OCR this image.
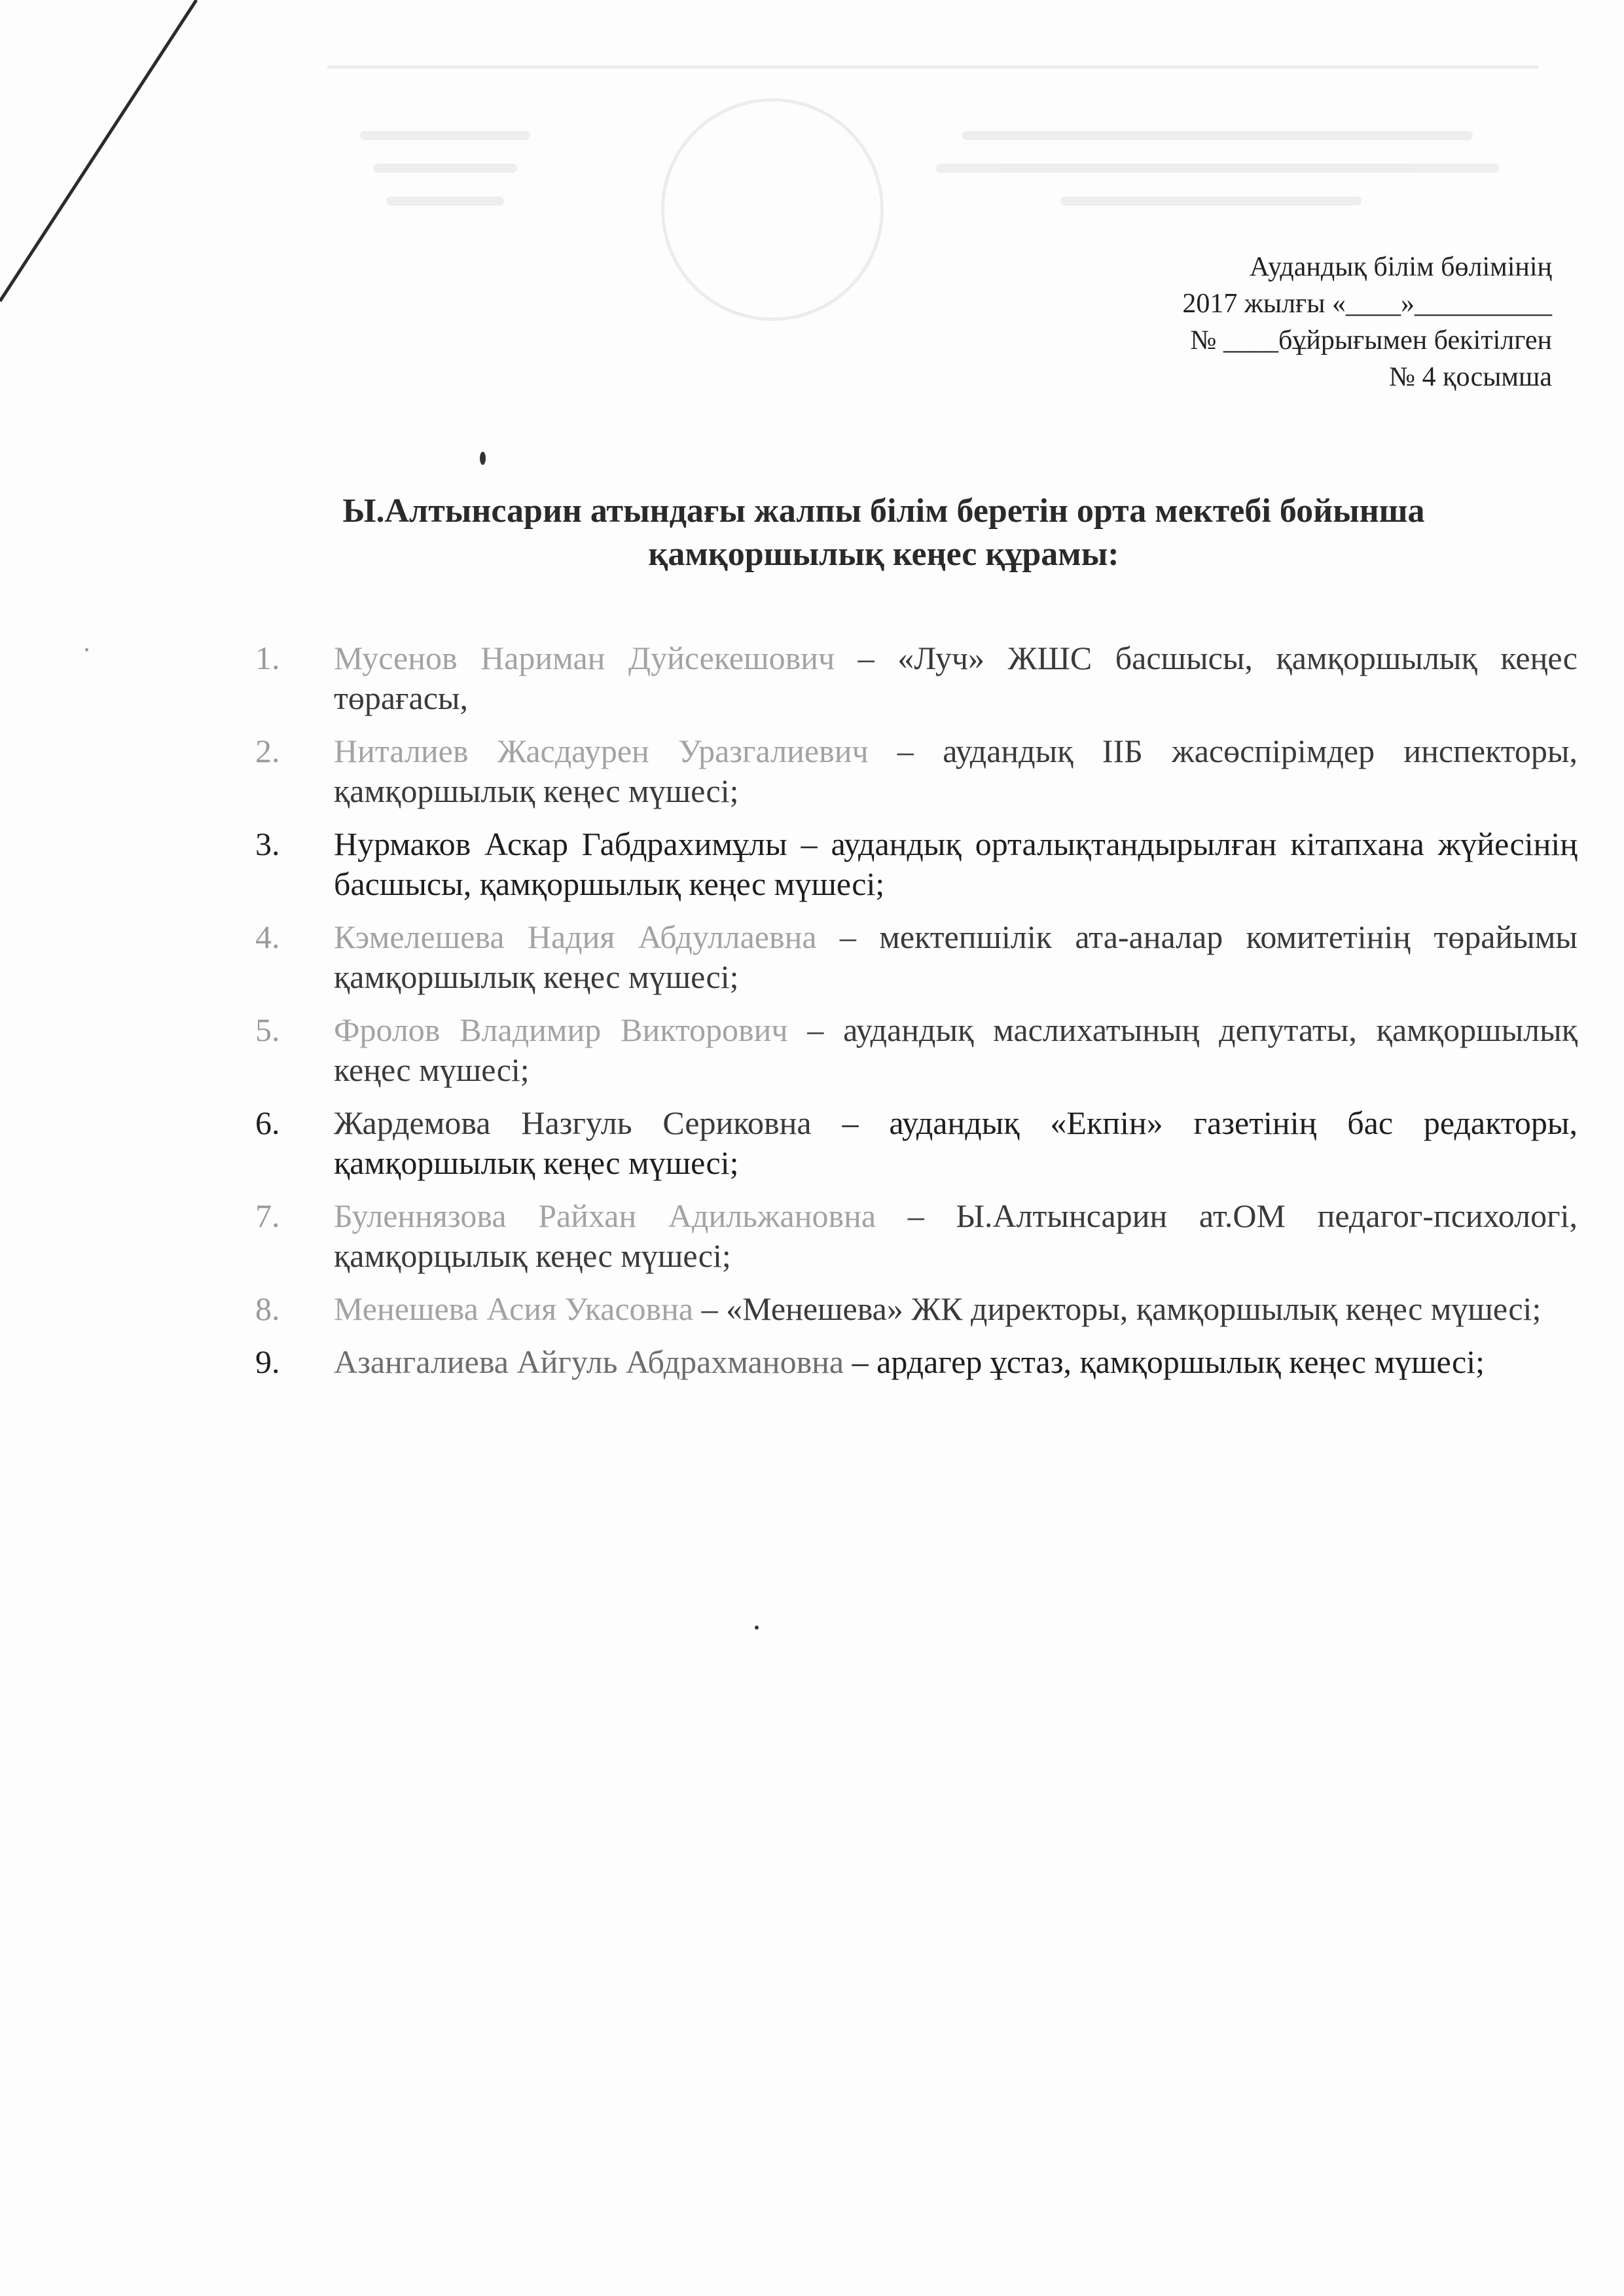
Аудандық білім бөлімінің
2017 жылғы «____»__________
№ ____бұйрығымен бекітілген
№ 4 қосымша
Ы.Алтынсарин атындағы жалпы білім беретін орта мектебі бойынша
қамқоршылық кеңес құрамы:
1.	Мусенов Нариман Дуйсекешович – «Луч» ЖШС басшысы, қамқоршылық кеңес төрағасы,
2.	Ниталиев Жасдаурен Уразгалиевич – аудандық ІІБ жасөспірімдер инспекторы, қамқоршылық кеңес мүшесі;
3.	Нурмаков Аскар Габдрахимұлы – аудандық орталықтандырылған кітапхана жүйесінің басшысы, қамқоршылық кеңес мүшесі;
4.	Кэмелешева Надия Абдуллаевна – мектепшілік ата-аналар комитетінің төрайымы қамқоршылық кеңес мүшесі;
5.	Фролов Владимир Викторович – аудандық маслихатының депутаты, қамқоршылық кеңес мүшесі;
6.	Жардемова Назгуль Сериковна – аудандық «Екпін» газетінің бас редакторы, қамқоршылық кеңес мүшесі;
7.	Буленнязова Райхан Адильжановна – Ы.Алтынсарин ат.ОМ педагог-психологі, қамқорцылық кеңес мүшесі;
8.	Менешева Асия Укасовна – «Менешева» ЖК директоры, қамқоршылық кеңес мүшесі;
9.	Азангалиева Айгуль Абдрахмановна – ардагер ұстаз, қамқоршылық кеңес мүшесі;
